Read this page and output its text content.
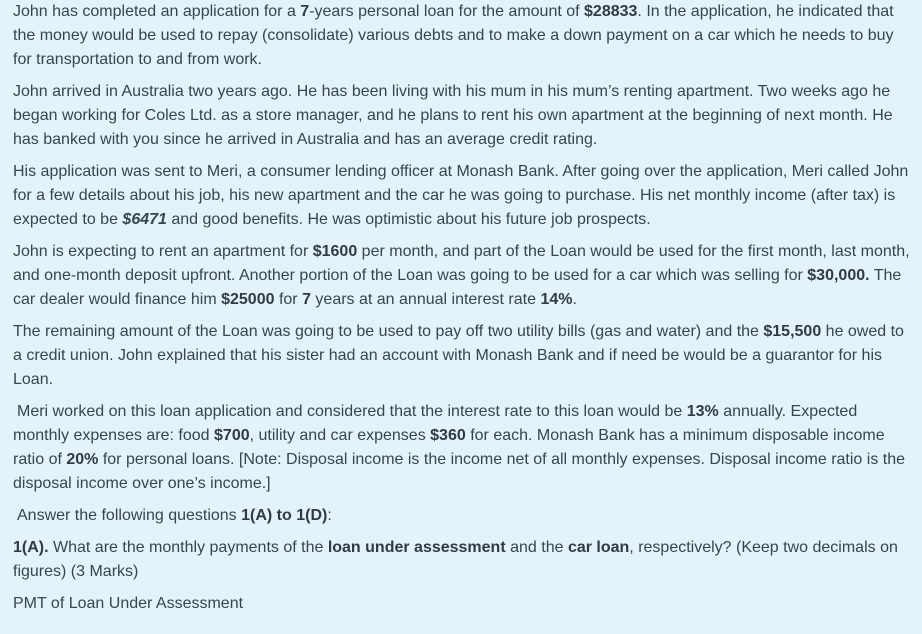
John has completed an application for a 7-years personal loan for the amount of $28833. In the application, he indicated that the money would be used to repay (consolidate) various debts and to make a down payment on a car which he needs to buy for transportation to and from work.

John arrived in Australia two years ago. He has been living with his mum in his mum’s renting apartment. Two weeks ago he began working for Coles Ltd. as a store manager, and he plans to rent his own apartment at the beginning of next month. He has banked with you since he arrived in Australia and has an average credit rating.

His application was sent to Meri, a consumer lending officer at Monash Bank. After going over the application, Meri called John for a few details about his job, his new apartment and the car he was going to purchase. His net monthly income (after tax) is expected to be $6471 and good benefits. He was optimistic about his future job prospects.

John is expecting to rent an apartment for $1600 per month, and part of the Loan would be used for the first month, last month, and one-month deposit upfront. Another portion of the Loan was going to be used for a car which was selling for $30,000. The car dealer would finance him $25000 for 7 years at an annual interest rate 14%.

The remaining amount of the Loan was going to be used to pay off two utility bills (gas and water) and the $15,500 he owed to a credit union. John explained that his sister had an account with Monash Bank and if need be would be a guarantor for his Loan.

Meri worked on this loan application and considered that the interest rate to this loan would be 13% annually. Expected monthly expenses are: food $700, utility and car expenses $360 for each. Monash Bank has a minimum disposable income ratio of 20% for personal loans. [Note: Disposal income is the income net of all monthly expenses. Disposal income ratio is the disposal income over one’s income.]

Answer the following questions 1(A) to 1(D):

1(A). What are the monthly payments of the loan under assessment and the car loan, respectively? (Keep two decimals on figures) (3 Marks)

PMT of Loan Under Assessment
